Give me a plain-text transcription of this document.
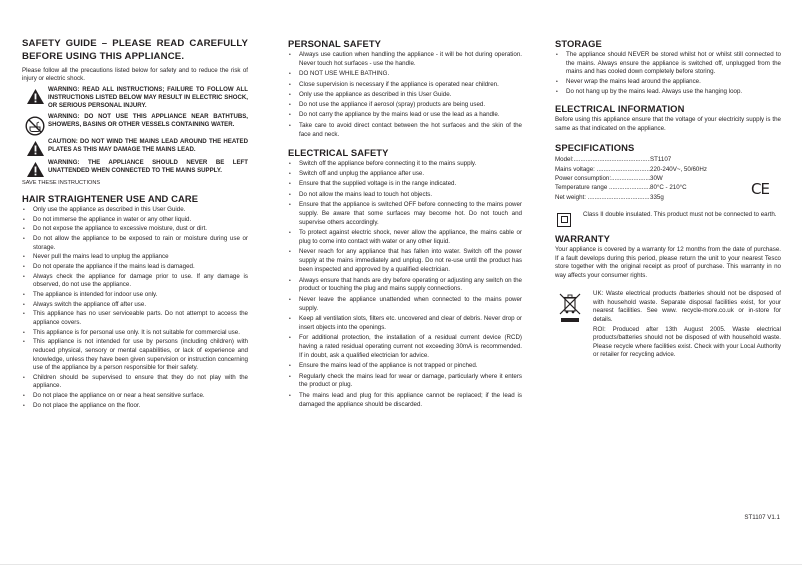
SAFETY GUIDE – PLEASE READ CAREFULLY BEFORE USING THIS APPLIANCE.

Please follow all the precautions listed below for safety and to reduce the risk of injury or electric shock.

WARNING: READ ALL INSTRUCTIONS; FAILURE TO FOLLOW ALL INSTRUCTIONS LISTED BELOW MAY RESULT IN ELECTRIC SHOCK, OR SERIOUS PERSONAL INJURY.
WARNING: DO NOT USE THIS APPLIANCE NEAR BATHTUBS, SHOWERS, BASINS OR OTHER VESSELS CONTAINING WATER.
CAUTION: DO NOT WIND THE MAINS LEAD AROUND THE HEATED PLATES AS THIS MAY DAMAGE THE MAINS LEAD.
WARNING: THE APPLIANCE SHOULD NEVER BE LEFT UNATTENDED WHEN CONNECTED TO THE MAINS SUPPLY.

SAVE THESE INSTRUCTIONS

HAIR STRAIGHTENER USE AND CARE
• Only use the appliance as described in this User Guide.
• Do not immerse the appliance in water or any other liquid.
• Do not expose the appliance to excessive moisture, dust or dirt.
• Do not allow the appliance to be exposed to rain or moisture during use or storage.
• Never pull the mains lead to unplug the appliance
• Do not operate the appliance if the mains lead is damaged.
• Always check the appliance for damage prior to use. If any damage is observed, do not use the appliance.
• The appliance is intended for indoor use only.
• Always switch the appliance off after use.
• This appliance has no user serviceable parts. Do not attempt to access the appliance covers.
• This appliance is for personal use only. It is not suitable for commercial use.
• This appliance is not intended for use by persons (including children) with reduced physical, sensory or mental capabilities, or lack of experience and knowledge, unless they have been given supervision or instruction concerning use of the appliance by a person responsible for their safety.
• Children should be supervised to ensure that they do not play with the appliance.
• Do not place the appliance on or near a heat sensitive surface.
• Do not place the appliance on the floor.
PERSONAL SAFETY
• Always use caution when handling the appliance - it will be hot during operation. Never touch hot surfaces - use the handle.
• DO NOT USE WHILE BATHING.
• Close supervision is necessary if the appliance is operated near children.
• Only use the appliance as described in this User Guide.
• Do not use the appliance if aerosol (spray) products are being used.
• Do not carry the appliance by the mains lead or use the lead as a handle.
• Take care to avoid direct contact between the hot surfaces and the skin of the face and neck.
ELECTRICAL SAFETY
• Switch off the appliance before connecting it to the mains supply.
• Switch off and unplug the appliance after use.
• Ensure that the supplied voltage is in the range indicated.
• Do not allow the mains lead to touch hot objects.
• Ensure that the appliance is switched OFF before connecting to the mains power supply. Be aware that some surfaces may become hot. Do not touch and supervise others accordingly.
• To protect against electric shock, never allow the appliance, the mains cable or plug to come into contact with water or any other liquid.
• Never reach for any appliance that has fallen into water. Switch off the power supply at the mains immediately and unplug. Do not re-use until the product has been inspected and approved by a qualified electrician.
• Always ensure that hands are dry before operating or adjusting any switch on the product or touching the plug and mains supply connections.
• Never leave the appliance unattended when connected to the mains power supply.
• Keep all ventilation slots, filters etc. uncovered and clear of debris. Never drop or insert objects into the openings.
• For additional protection, the installation of a residual current device (RCD) having a rated residual operating current not exceeding 30mA is recommended. If in doubt, ask a qualified electrician for advice.
• Ensure the mains lead of the appliance is not trapped or pinched.
• Regularly check the mains lead for wear or damage, particularly where it enters the product or plug.
• The mains lead and plug for this appliance cannot be replaced; if the lead is damaged the appliance should be discarded.
STORAGE
• The appliance should NEVER be stored whilst hot or whilst still connected to the mains. Always ensure the appliance is switched off, unplugged from the mains and has cooled down completely before storing.
• Never wrap the mains lead around the appliance.
• Do not hang up by the mains lead. Always use the hanging loop.
ELECTRICAL INFORMATION

Before using this appliance ensure that the voltage of your electricity supply is the same as that indicated on the appliance.

SPECIFICATIONS
Model: .....	ST1107
Mains voltage: .....	220-240V~, 50/60Hz
Power consumption: .....	30W
Temperature range .....	80°C - 210°C
Net weight: .....	335g	CE
Class II double insulated. This product must not be connected to earth.
WARRANTY

Your appliance is covered by a warranty for 12 months from the date of purchase. If a fault develops during this period, please return the unit to your nearest Tesco store together with the original receipt as proof of purchase. This warranty in no way affects your consumer rights.

UK: Waste electrical products /batteries should not be disposed of with household waste. Separate disposal facilities exist, for your nearest facilities. See www. recycle-more.co.uk or in-store for details.

ROI: Produced after 13th August 2005. Waste electrical products/batteries should not be disposed of with household waste. Please recycle where facilities exist. Check with your Local Authority or retailer for recycling advice.

ST1107 V1.1
